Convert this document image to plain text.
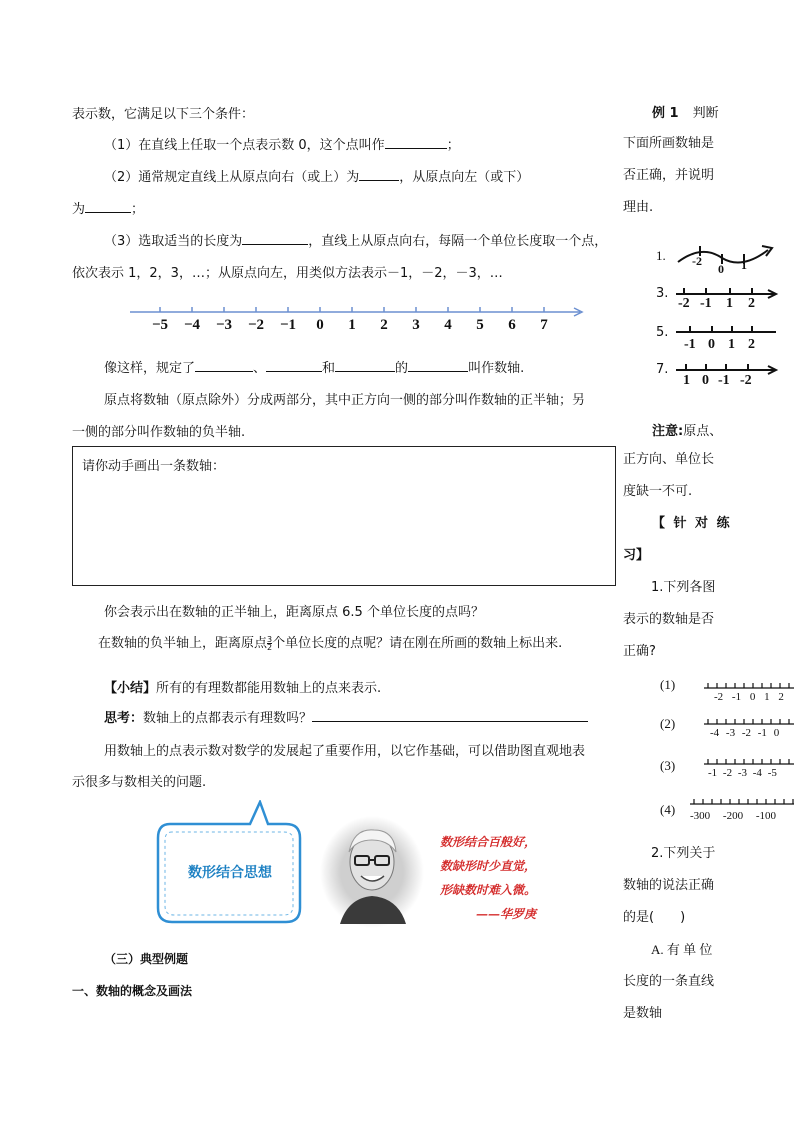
表示数，它满足以下三个条件：
（1）在直线上任取一个点表示数 0，这个点叫作	；
（2）通常规定直线上从原点向右（或上）为	，从原点向左（或下）
为	；
（3）选取适当的长度为	，直线上从原点向右，每隔一个单位长度取一个点，
依次表示 1，2，3，…；从原点向左，用类似方法表示－1，－2，－3，…
−5 −4 −3 −2 −1 0 1 2 3 4 5 6 7
像这样，规定了	、	和	的	叫作数轴.
原点将数轴（原点除外）分成两部分，其中正方向一侧的部分叫作数轴的正半轴；另
一侧的部分叫作数轴的负半轴.
请你动手画出一条数轴：
你会表示出在数轴的正半轴上，距离原点 6.5 个单位长度的点吗？
在数轴的负半轴上，距离原点 $\frac{3}{2}$ 个单位长度的点呢？请在刚在所画的数轴上标出来.
【小结】所有的有理数都能用数轴上的点来表示.
思考：数轴上的点都表示有理数吗？
用数轴上的点表示数对数学的发展起了重要作用，以它作基础，可以借助图直观地表
示很多与数相关的问题.
数形结合思想
数形结合百般好，
数缺形时少直觉，
形缺数时难入微。
——华罗庚
（三）典型例题
一、数轴的概念及画法
例 1 判断
下面所画数轴是
否正确，并说明
理由.
1. -2
0 1
3.
-2 -1 1 2
5.
-1 0 1 2
7.
1 0 -1 -2
注意:原点、
正方向、单位长
度缺一不可.
【 针 对 练
习】
1.下列各图
表示的数轴是否
正确?
(1)
-2 -1 0 1 2
(2)
-4 -3 -2 -1 0
(3)	-1 -2 -3 -4 -5
(4) -300 -200 -100
2.下列关于
数轴的说法正确
的是(　　)
A. 有 单 位
长度的一条直线
是数轴
